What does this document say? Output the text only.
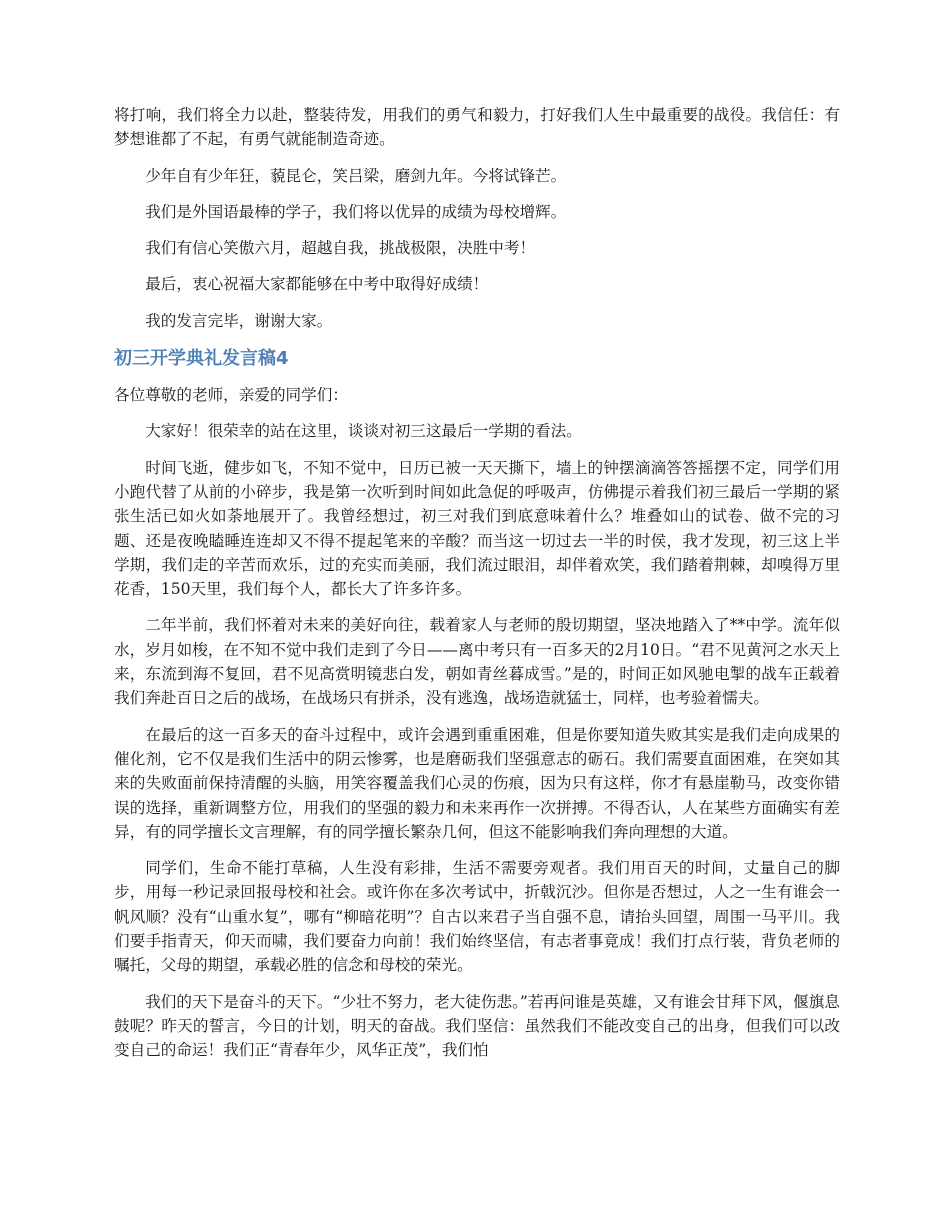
将打响，我们将全力以赴，整装待发，用我们的勇气和毅力，打好我们人生中最重要的战役。我信任：有梦想谁都了不起，有勇气就能制造奇迹。

少年自有少年狂，藐昆仑，笑吕梁，磨剑九年。今将试锋芒。

我们是外国语最棒的学子，我们将以优异的成绩为母校增辉。

我们有信心笑傲六月，超越自我，挑战极限，决胜中考！

最后，衷心祝福大家都能够在中考中取得好成绩！

我的发言完毕，谢谢大家。

初三开学典礼发言稿4

各位尊敬的老师，亲爱的同学们：

大家好！很荣幸的站在这里，谈谈对初三这最后一学期的看法。

时间飞逝，健步如飞，不知不觉中，日历已被一天天撕下，墙上的钟摆滴滴答答摇摆不定，同学们用小跑代替了从前的小碎步，我是第一次听到时间如此急促的呼吸声，仿佛提示着我们初三最后一学期的紧张生活已如火如荼地展开了。我曾经想过，初三对我们到底意味着什么？堆叠如山的试卷、做不完的习题、还是夜晚瞌睡连连却又不得不提起笔来的辛酸？而当这一切过去一半的时侯，我才发现，初三这上半学期，我们走的辛苦而欢乐，过的充实而美丽，我们流过眼泪，却伴着欢笑，我们踏着荆棘，却嗅得万里花香，150天里，我们每个人，都长大了许多许多。

二年半前，我们怀着对未来的美好向往，载着家人与老师的殷切期望，坚决地踏入了**中学。流年似水，岁月如梭，在不知不觉中我们走到了今日——离中考只有一百多天的2月10日。“君不见黄河之水天上来，东流到海不复回，君不见高赏明镜悲白发，朝如青丝暮成雪。”是的，时间正如风驰电掣的战车正载着我们奔赴百日之后的战场，在战场只有拼杀，没有逃逸，战场造就猛士，同样，也考验着懦夫。

在最后的这一百多天的奋斗过程中，或许会遇到重重困难，但是你要知道失败其实是我们走向成果的催化剂，它不仅是我们生活中的阴云惨雾，也是磨砺我们坚强意志的砺石。我们需要直面困难，在突如其来的失败面前保持清醒的头脑，用笑容覆盖我们心灵的伤痕，因为只有这样，你才有悬崖勒马，改变你错误的选择，重新调整方位，用我们的坚强的毅力和未来再作一次拼搏。不得否认，人在某些方面确实有差异，有的同学擅长文言理解，有的同学擅长繁杂几何，但这不能影响我们奔向理想的大道。

同学们，生命不能打草稿，人生没有彩排，生活不需要旁观者。我们用百天的时间，丈量自己的脚步，用每一秒记录回报母校和社会。或许你在多次考试中，折戟沉沙。但你是否想过，人之一生有谁会一帆风顺？没有“山重水复”，哪有“柳暗花明”？自古以来君子当自强不息，请抬头回望，周围一马平川。我们要手指青天，仰天而啸，我们要奋力向前！我们始终坚信，有志者事竟成！我们打点行装，背负老师的嘱托，父母的期望，承载必胜的信念和母校的荣光。

我们的天下是奋斗的天下。“少壮不努力，老大徒伤悲。”若再问谁是英雄，又有谁会甘拜下风，偃旗息鼓呢？昨天的誓言，今日的计划，明天的奋战。我们坚信：虽然我们不能改变自己的出身，但我们可以改变自己的命运！我们正“青春年少，风华正茂”，我们怕
